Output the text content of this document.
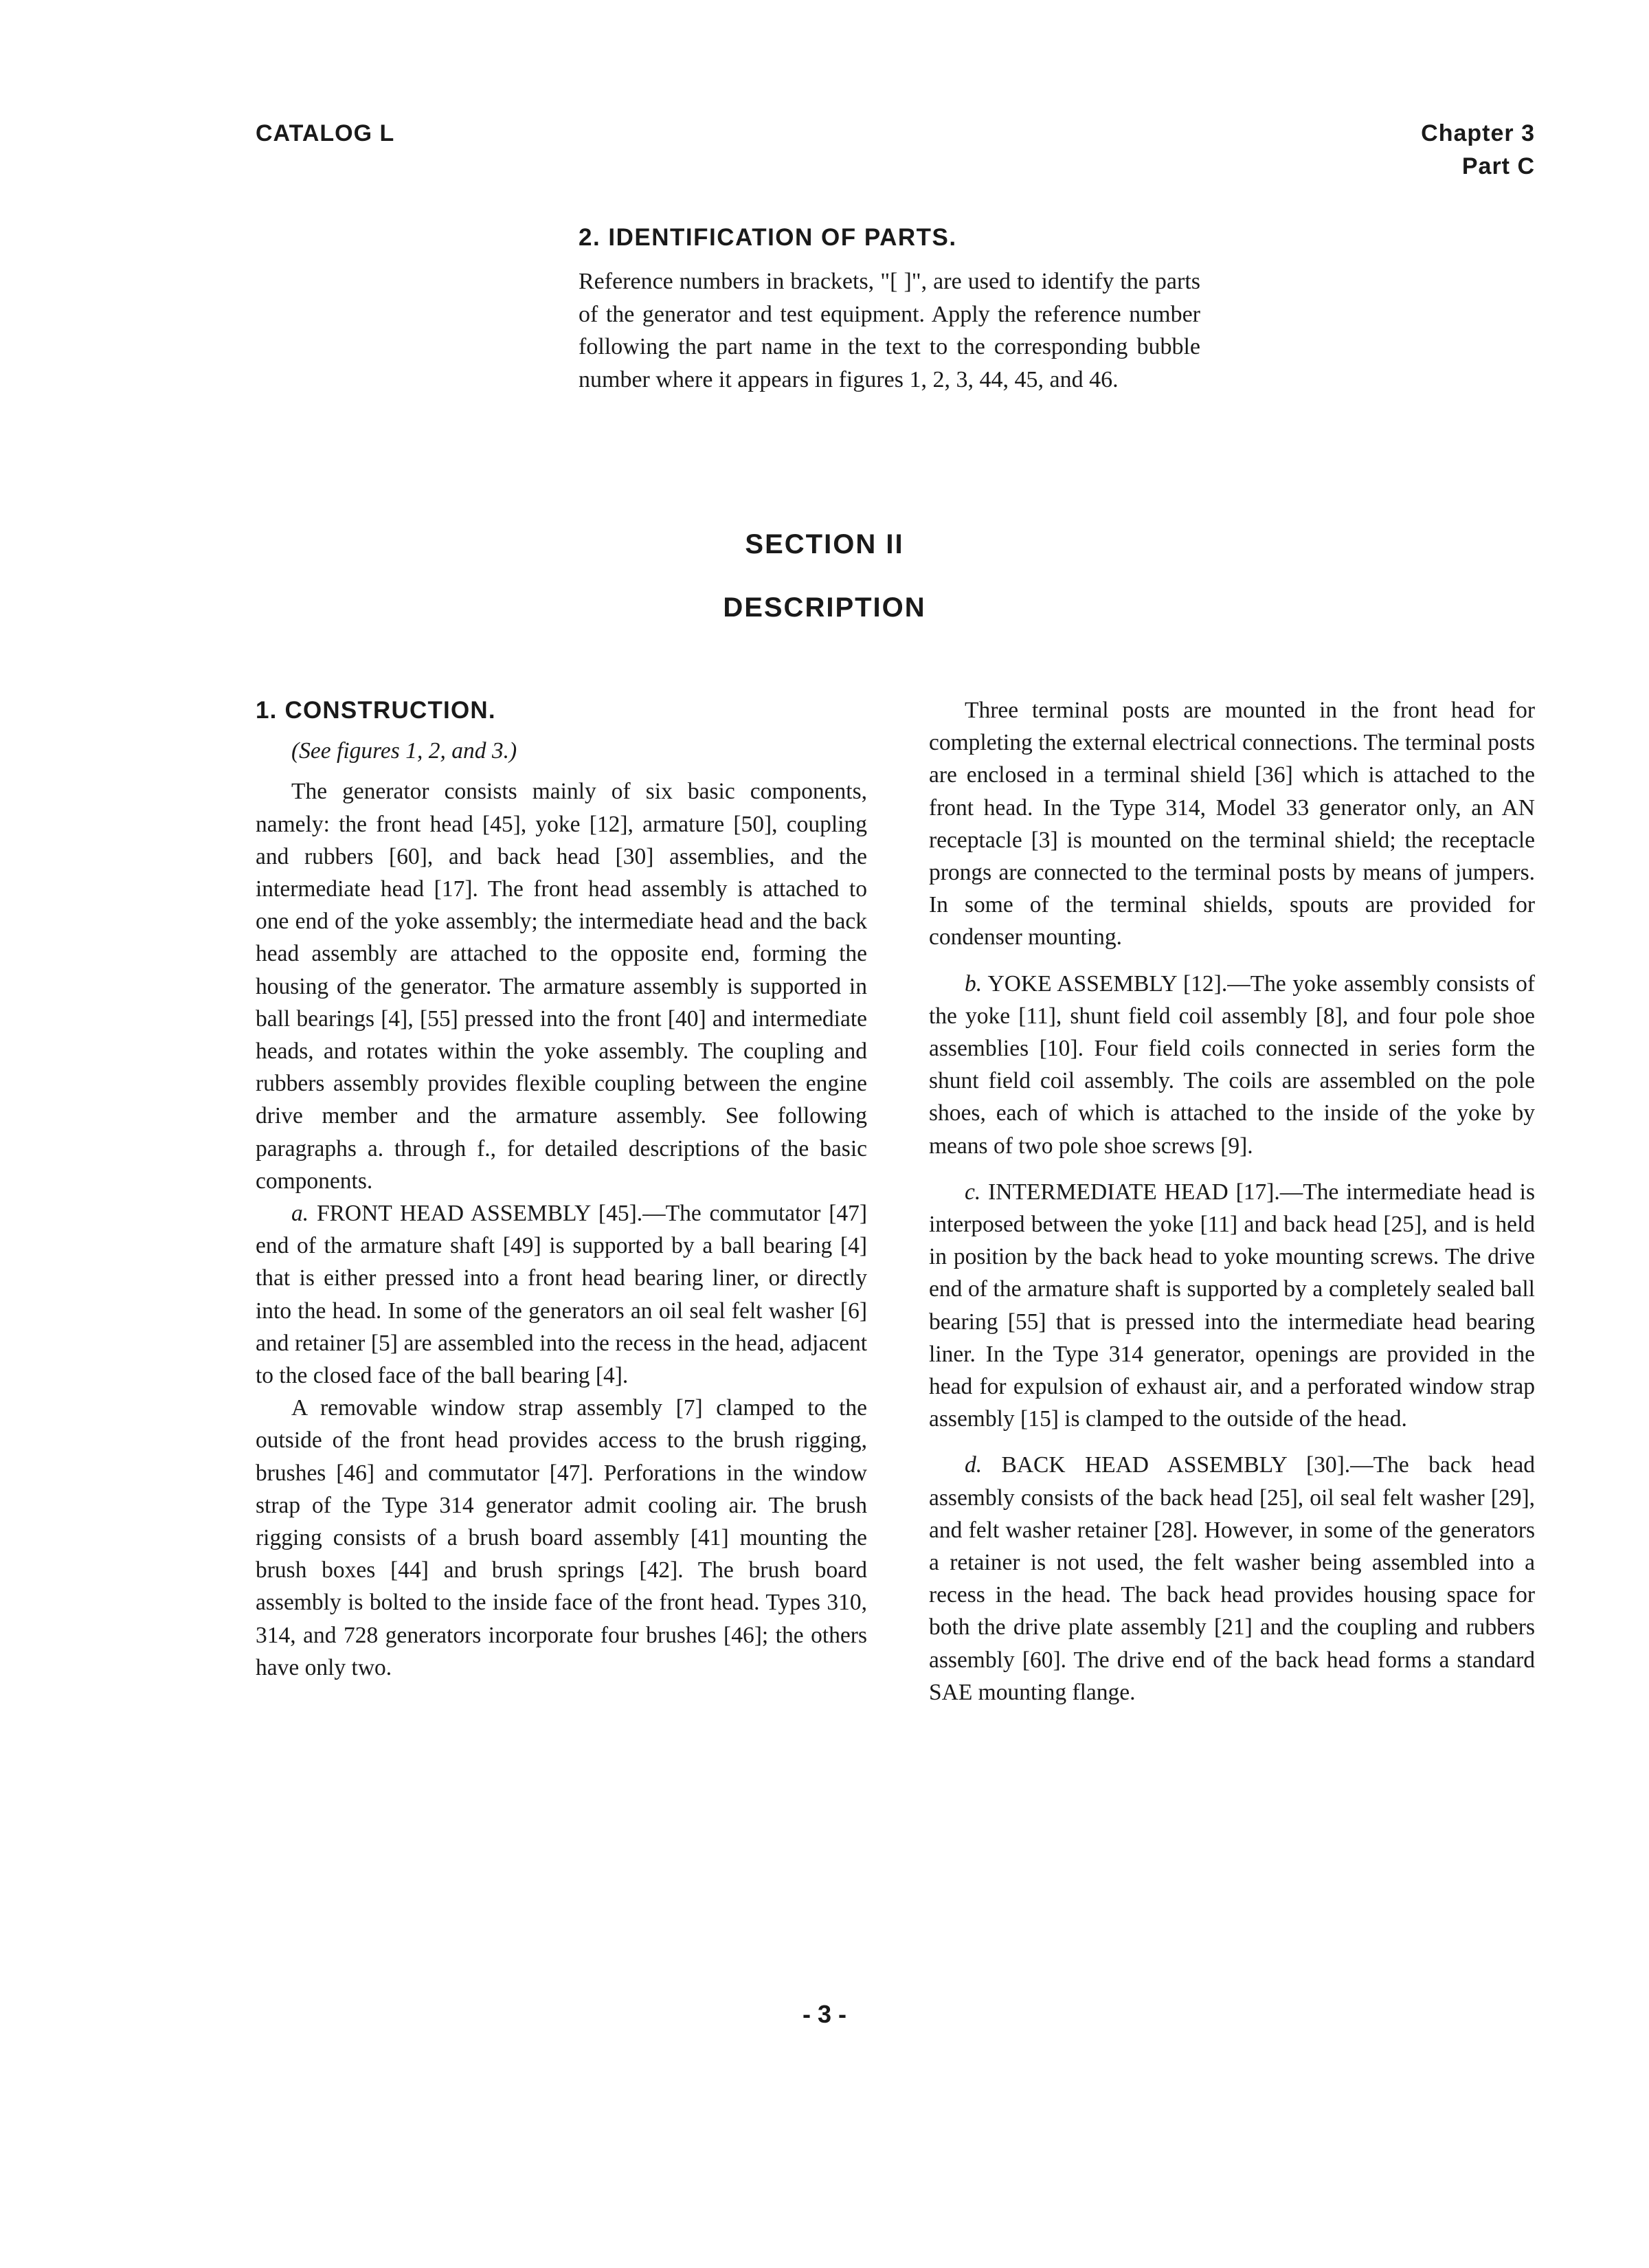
CATALOG L	Chapter 3
Part C
2. IDENTIFICATION OF PARTS.

Reference numbers in brackets, "[ ]", are used to identify the parts of the generator and test equipment. Apply the reference number following the part name in the text to the corresponding bubble number where it appears in figures 1, 2, 3, 44, 45, and 46.

SECTION II
DESCRIPTION
1. CONSTRUCTION.

(See figures 1, 2, and 3.)

The generator consists mainly of six basic components, namely: the front head [45], yoke [12], armature [50], coupling and rubbers [60], and back head [30] assemblies, and the intermediate head [17]. The front head assembly is attached to one end of the yoke assembly; the intermediate head and the back head assembly are attached to the opposite end, forming the housing of the generator. The armature assembly is supported in ball bearings [4], [55] pressed into the front [40] and intermediate heads, and rotates within the yoke assembly. The coupling and rubbers assembly provides flexible coupling between the engine drive member and the armature assembly. See following paragraphs a. through f., for detailed descriptions of the basic components.

a. FRONT HEAD ASSEMBLY [45].—The commutator [47] end of the armature shaft [49] is supported by a ball bearing [4] that is either pressed into a front head bearing liner, or directly into the head. In some of the generators an oil seal felt washer [6] and retainer [5] are assembled into the recess in the head, adjacent to the closed face of the ball bearing [4].

A removable window strap assembly [7] clamped to the outside of the front head provides access to the brush rigging, brushes [46] and commutator [47]. Perforations in the window strap of the Type 314 generator admit cooling air. The brush rigging consists of a brush board assembly [41] mounting the brush boxes [44] and brush springs [42]. The brush board assembly is bolted to the inside face of the front head. Types 310, 314, and 728 generators incorporate four brushes [46]; the others have only two.

Three terminal posts are mounted in the front head for completing the external electrical connections. The terminal posts are enclosed in a terminal shield [36] which is attached to the front head. In the Type 314, Model 33 generator only, an AN receptacle [3] is mounted on the terminal shield; the receptacle prongs are connected to the terminal posts by means of jumpers. In some of the terminal shields, spouts are provided for condenser mounting.

b. YOKE ASSEMBLY [12].—The yoke assembly consists of the yoke [11], shunt field coil assembly [8], and four pole shoe assemblies [10]. Four field coils connected in series form the shunt field coil assembly. The coils are assembled on the pole shoes, each of which is attached to the inside of the yoke by means of two pole shoe screws [9].

c. INTERMEDIATE HEAD [17].—The intermediate head is interposed between the yoke [11] and back head [25], and is held in position by the back head to yoke mounting screws. The drive end of the armature shaft is supported by a completely sealed ball bearing [55] that is pressed into the intermediate head bearing liner. In the Type 314 generator, openings are provided in the head for expulsion of exhaust air, and a perforated window strap assembly [15] is clamped to the outside of the head.

d. BACK HEAD ASSEMBLY [30].—The back head assembly consists of the back head [25], oil seal felt washer [29], and felt washer retainer [28]. However, in some of the generators a retainer is not used, the felt washer being assembled into a recess in the head. The back head provides housing space for both the drive plate assembly [21] and the coupling and rubbers assembly [60]. The drive end of the back head forms a standard SAE mounting flange.

- 3 -
